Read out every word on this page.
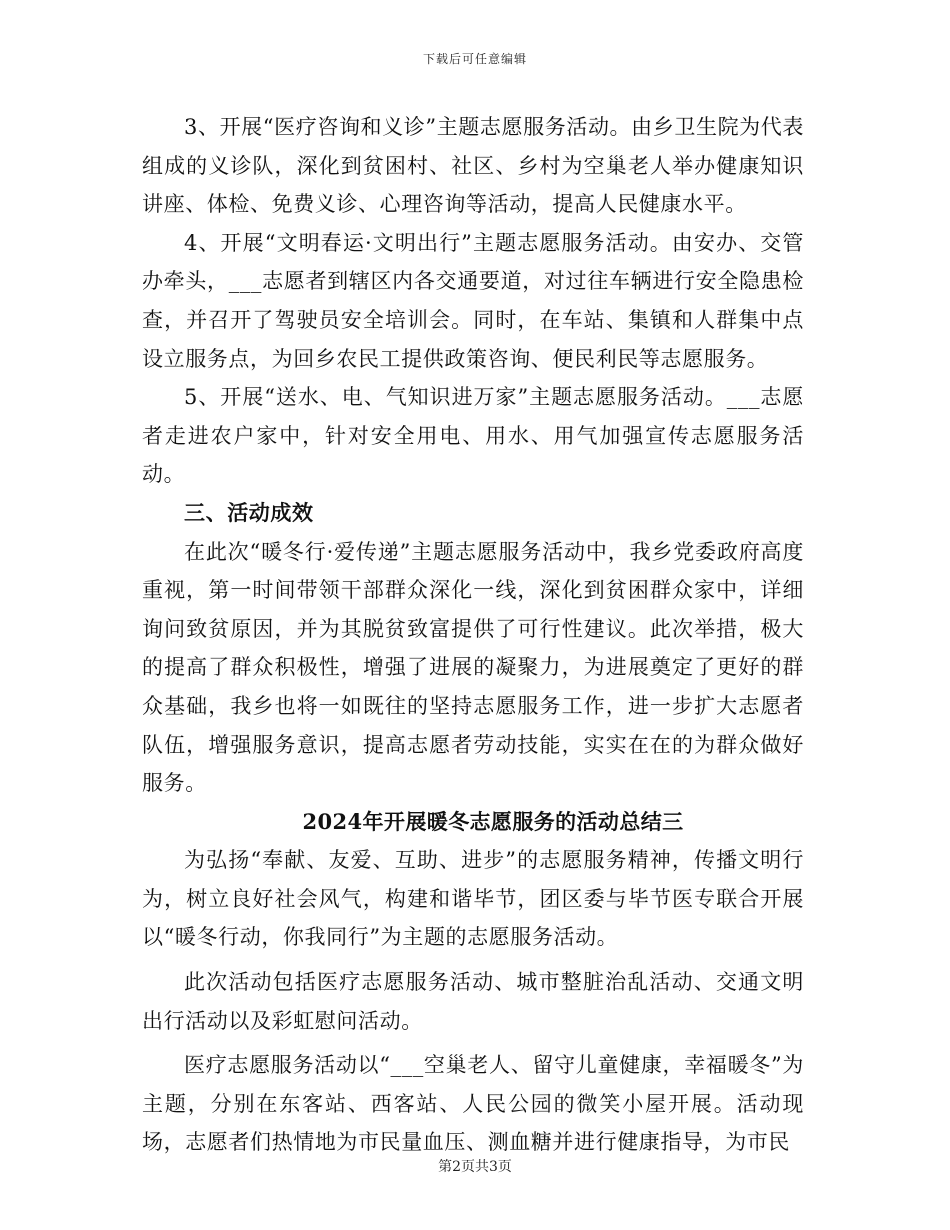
下载后可任意编辑

3、开展“医疗咨询和义诊”主题志愿服务活动。由乡卫生院为代表组成的义诊队，深化到贫困村、社区、乡村为空巢老人举办健康知识讲座、体检、免费义诊、心理咨询等活动，提高人民健康水平。

4、开展“文明春运·文明出行”主题志愿服务活动。由安办、交管办牵头，___志愿者到辖区内各交通要道，对过往车辆进行安全隐患检查，并召开了驾驶员安全培训会。同时，在车站、集镇和人群集中点设立服务点，为回乡农民工提供政策咨询、便民利民等志愿服务。

5、开展“送水、电、气知识进万家”主题志愿服务活动。___志愿者走进农户家中，针对安全用电、用水、用气加强宣传志愿服务活动。

三、活动成效

在此次“暖冬行·爱传递”主题志愿服务活动中，我乡党委政府高度重视，第一时间带领干部群众深化一线，深化到贫困群众家中，详细询问致贫原因，并为其脱贫致富提供了可行性建议。此次举措，极大的提高了群众积极性，增强了进展的凝聚力，为进展奠定了更好的群众基础，我乡也将一如既往的坚持志愿服务工作，进一步扩大志愿者队伍，增强服务意识，提高志愿者劳动技能，实实在在的为群众做好服务。

2024年开展暖冬志愿服务的活动总结三

为弘扬“奉献、友爱、互助、进步”的志愿服务精神，传播文明行为，树立良好社会风气，构建和谐毕节，团区委与毕节医专联合开展以“暖冬行动，你我同行”为主题的志愿服务活动。

此次活动包括医疗志愿服务活动、城市整脏治乱活动、交通文明出行活动以及彩虹慰问活动。

医疗志愿服务活动以“___空巢老人、留守儿童健康，幸福暖冬”为主题，分别在东客站、西客站、人民公园的微笑小屋开展。活动现场，志愿者们热情地为市民量血压、测血糖并进行健康指导，为市民

第2页共3页
